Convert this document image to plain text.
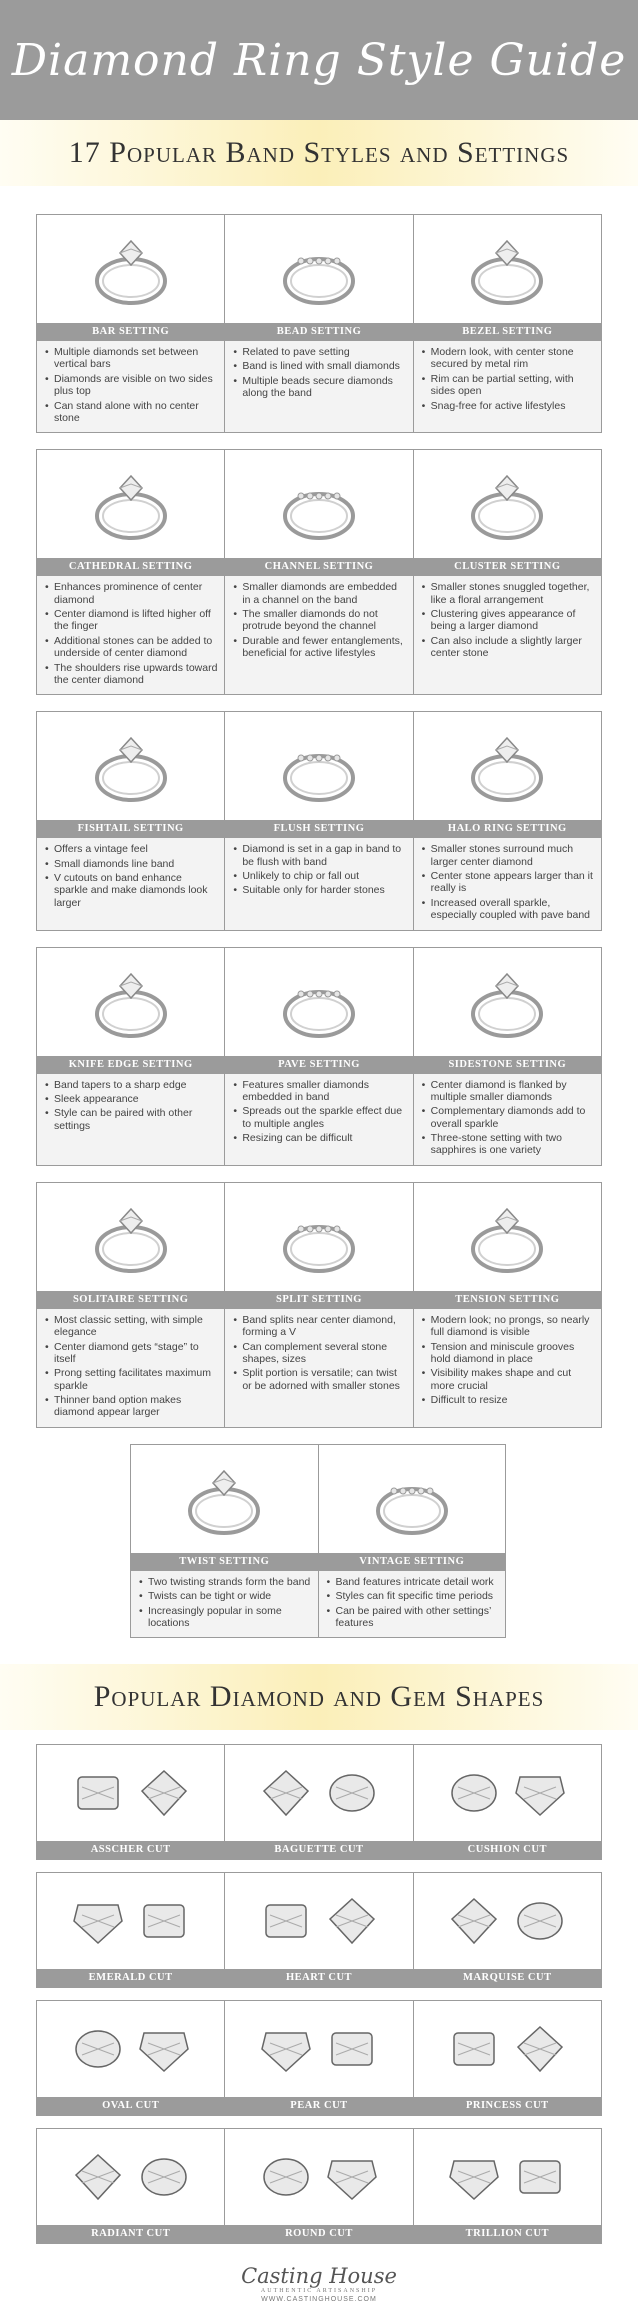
Diamond Ring Style Guide
17 Popular Band Styles and Settings
BAR SETTING
• Multiple diamonds set between vertical bars
• Diamonds are visible on two sides plus top
• Can stand alone with no center stone
BEAD SETTING
• Related to pave setting
• Band is lined with small diamonds
• Multiple beads secure diamonds along the band
BEZEL SETTING
• Modern look, with center stone secured by metal rim
• Rim can be partial setting, with sides open
• Snag-free for active lifestyles
CATHEDRAL SETTING
• Enhances prominence of center diamond
• Center diamond is lifted higher off the finger
• Additional stones can be added to underside of center diamond
• The shoulders rise upwards toward the center diamond
CHANNEL SETTING
• Smaller diamonds are embedded in a channel on the band
• The smaller diamonds do not protrude beyond the channel
• Durable and fewer entanglements, beneficial for active lifestyles
CLUSTER SETTING
• Smaller stones snuggled together, like a floral arrangement
• Clustering gives appearance of being a larger diamond
• Can also include a slightly larger center stone
FISHTAIL SETTING
• Offers a vintage feel
• Small diamonds line band
• V cutouts on band enhance sparkle and make diamonds look larger
FLUSH SETTING
• Diamond is set in a gap in band to be flush with band
• Unlikely to chip or fall out
• Suitable only for harder stones
HALO RING SETTING
• Smaller stones surround much larger center diamond
• Center stone appears larger than it really is
• Increased overall sparkle, especially coupled with pave band
KNIFE EDGE SETTING
• Band tapers to a sharp edge
• Sleek appearance
• Style can be paired with other settings
PAVE SETTING
• Features smaller diamonds embedded in band
• Spreads out the sparkle effect due to multiple angles
• Resizing can be difficult
SIDESTONE SETTING
• Center diamond is flanked by multiple smaller diamonds
• Complementary diamonds add to overall sparkle
• Three-stone setting with two sapphires is one variety
SOLITAIRE SETTING
• Most classic setting, with simple elegance
• Center diamond gets “stage” to itself
• Prong setting facilitates maximum sparkle
• Thinner band option makes diamond appear larger
SPLIT SETTING
• Band splits near center diamond, forming a V
• Can complement several stone shapes, sizes
• Split portion is versatile; can twist or be adorned with smaller stones
TENSION SETTING
• Modern look; no prongs, so nearly full diamond is visible
• Tension and miniscule grooves hold diamond in place
• Visibility makes shape and cut more crucial
• Difficult to resize
TWIST SETTING
• Two twisting strands form the band
• Twists can be tight or wide
• Increasingly popular in some locations
VINTAGE SETTING
• Band features intricate detail work
• Styles can fit specific time periods
• Can be paired with other settings’ features
Popular Diamond and Gem Shapes
ASSCHER CUT	BAGUETTE CUT	CUSHION CUT
EMERALD CUT	HEART CUT	MARQUISE CUT
OVAL CUT	PEAR CUT	PRINCESS CUT
RADIANT CUT	ROUND CUT	TRILLION CUT
Casting House
AUTHENTIC ARTISANSHIP
WWW.CASTINGHOUSE.COM
